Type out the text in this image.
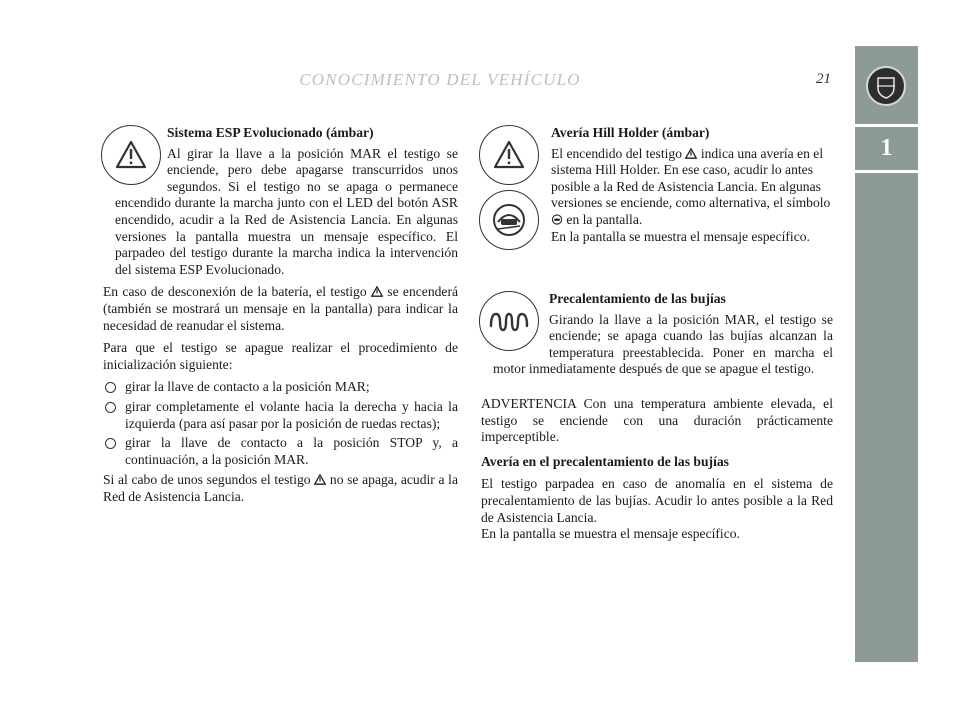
CONOCIMIENTO DEL VEHÍCULO	21
1

Sistema ESP Evolucionado (ámbar)

Al girar la llave a la posición MAR el testigo se enciende, pero debe apagarse transcurridos unos segundos. Si el testigo no se apaga o permanece encendido durante la marcha junto con el LED del botón ASR encendido, acudir a la Red de Asistencia Lancia. En algunas versiones la pantalla muestra un mensaje específico. El parpadeo del testigo durante la marcha indica la intervención del sistema ESP Evolucionado.

En caso de desconexión de la batería, el testigo se encenderá (también se mostrará un mensaje en la pantalla) para indicar la necesidad de reanudar el sistema.

Para que el testigo se apague realizar el procedimiento de inicialización siguiente:

girar la llave de contacto a la posición MAR;
girar completamente el volante hacia la derecha y hacia la izquierda (para así pasar por la posición de ruedas rectas);
girar la llave de contacto a la posición STOP y, a continuación, a la posición MAR.

Si al cabo de unos segundos el testigo no se apaga, acudir a la Red de Asistencia Lancia.

Avería Hill Holder (ámbar)

El encendido del testigo indica una avería en el sistema Hill Holder. En ese caso, acudir lo antes posible a la Red de Asistencia Lancia. En algunas versiones se enciende, como alternativa, el símbolo  en la pantalla.

En la pantalla se muestra el mensaje específico.

Precalentamiento de las bujías

Girando la llave a la posición MAR, el testigo se enciende; se apaga cuando las bujías alcanzan la temperatura preestablecida. Poner en marcha el motor inmediatamente después de que se apague el testigo.

ADVERTENCIA Con una temperatura ambiente elevada, el testigo se enciende con una duración prácticamente imperceptible.

Avería en el precalentamiento de las bujías

El testigo parpadea en caso de anomalía en el sistema de precalentamiento de las bujías. Acudir lo antes posible a la Red de Asistencia Lancia.

En la pantalla se muestra el mensaje específico.
